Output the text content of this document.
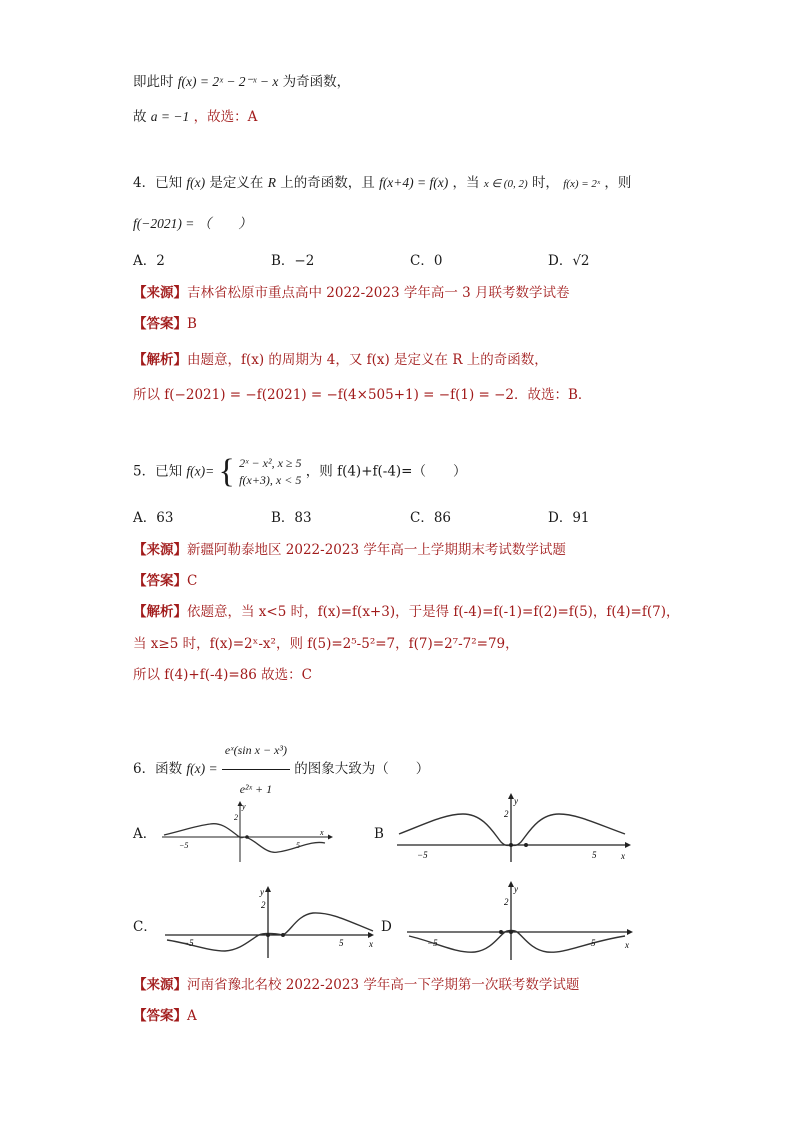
即此时 f(x) = 2ˣ − 2⁻ˣ − x 为奇函数，
故 a = −1 ，故选：A
4．已知 f(x) 是定义在 R 上的奇函数，且 f(x+4) = f(x) ，当 x ∈ (0, 2) 时， f(x) = 2ˣ ，则
f(−2021) = （　　）
A．2	B．−2	C．0	D．√2
【来源】吉林省松原市重点高中 2022-2023 学年高一 3 月联考数学试卷
【答案】B
【解析】由题意，f(x) 的周期为 4，又 f(x) 是定义在 R 上的奇函数，
所以 f(−2021) = −f(2021) = −f(4×505+1) = −f(1) = −2．故选：B．
5．已知 f(x)= { 2ˣ − x², x ≥ 5
f(x+3), x < 5 ，则 f(4)+f(-4)=（　　）
A．63	B．83	C．86	D．91
【来源】新疆阿勒泰地区 2022-2023 学年高一上学期期末考试数学试题
【答案】C
【解析】依题意，当 x<5 时，f(x)=f(x+3)，于是得 f(-4)=f(-1)=f(2)=f(5)，f(4)=f(7)，
当 x≥5 时，f(x)=2ˣ-x²，则 f(5)=2⁵-5²=7，f(7)=2⁷-7²=79，
所以 f(4)+f(-4)=86 故选：C
6．函数 $f(x) = \frac{\text{eˣ(sin x − x³)}}{\text{e²ˣ + 1}}$ 的图象大致为（　　）
A．	B
C．	D
y
2
−5	5
x
y
2
−5	5	x
y
2
−5	5	x
y
2
−5	5	x
【来源】河南省豫北名校 2022-2023 学年高一下学期第一次联考数学试题
【答案】A
